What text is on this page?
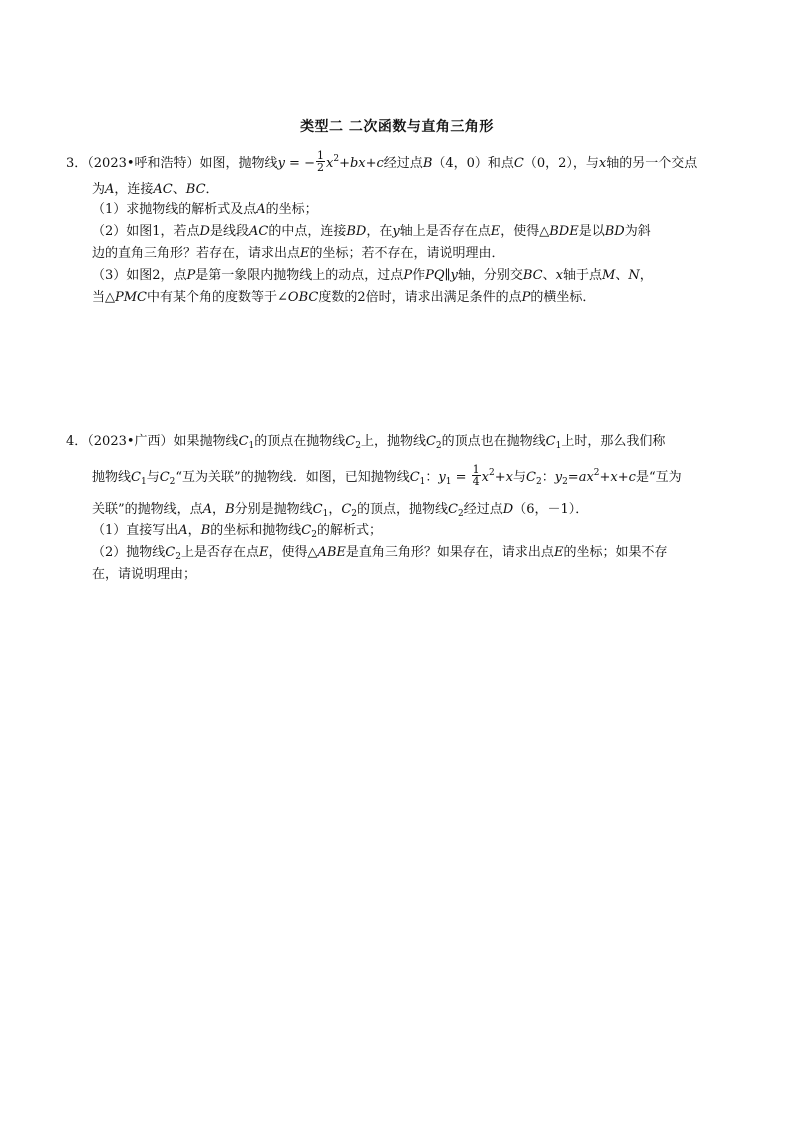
类型二 二次函数与直角三角形
3．（2023•呼和浩特）如图，抛物线y = − $\frac{1}{2} x^2+bx+c$经过点B（4，0）和点C（0，2），与x轴的另一个交点
为A，连接AC、BC．
（1）求抛物线的解析式及点A的坐标；
（2）如图1，若点D是线段AC的中点，连接BD，在y轴上是否存在点E，使得△BDE是以BD为斜
边的直角三角形？若存在，请求出点E的坐标；若不存在，请说明理由．
（3）如图2，点P是第一象限内抛物线上的动点，过点P作PQ∥y轴，分别交BC、x轴于点M、N，
当△PMC中有某个角的度数等于∠OBC度数的2倍时，请求出满足条件的点P的横坐标．
4．（2023•广西）如果抛物线$C_1$的顶点在抛物线$C_2$上，抛物线$C_2$的顶点也在抛物线$C_1$上时，那么我们称
抛物线$C_1$与$C_2“$互为关联”的抛物线．如图，已知抛物线$C_1$：$y_1 = \frac{1}{4} x^2+x$与$C_2$：$y_2=ax^2+x+c$是“互为
关联”的抛物线，点A，B分别是抛物线$C_1$，$C_2$的顶点，抛物线$C_2$经过点D（6，－1）．
（1）直接写出A，B的坐标和抛物线$C_2$的解析式；
（2）抛物线$C_2$上是否存在点E，使得△ABE是直角三角形？如果存在，请求出点E的坐标；如果不存
在，请说明理由；
